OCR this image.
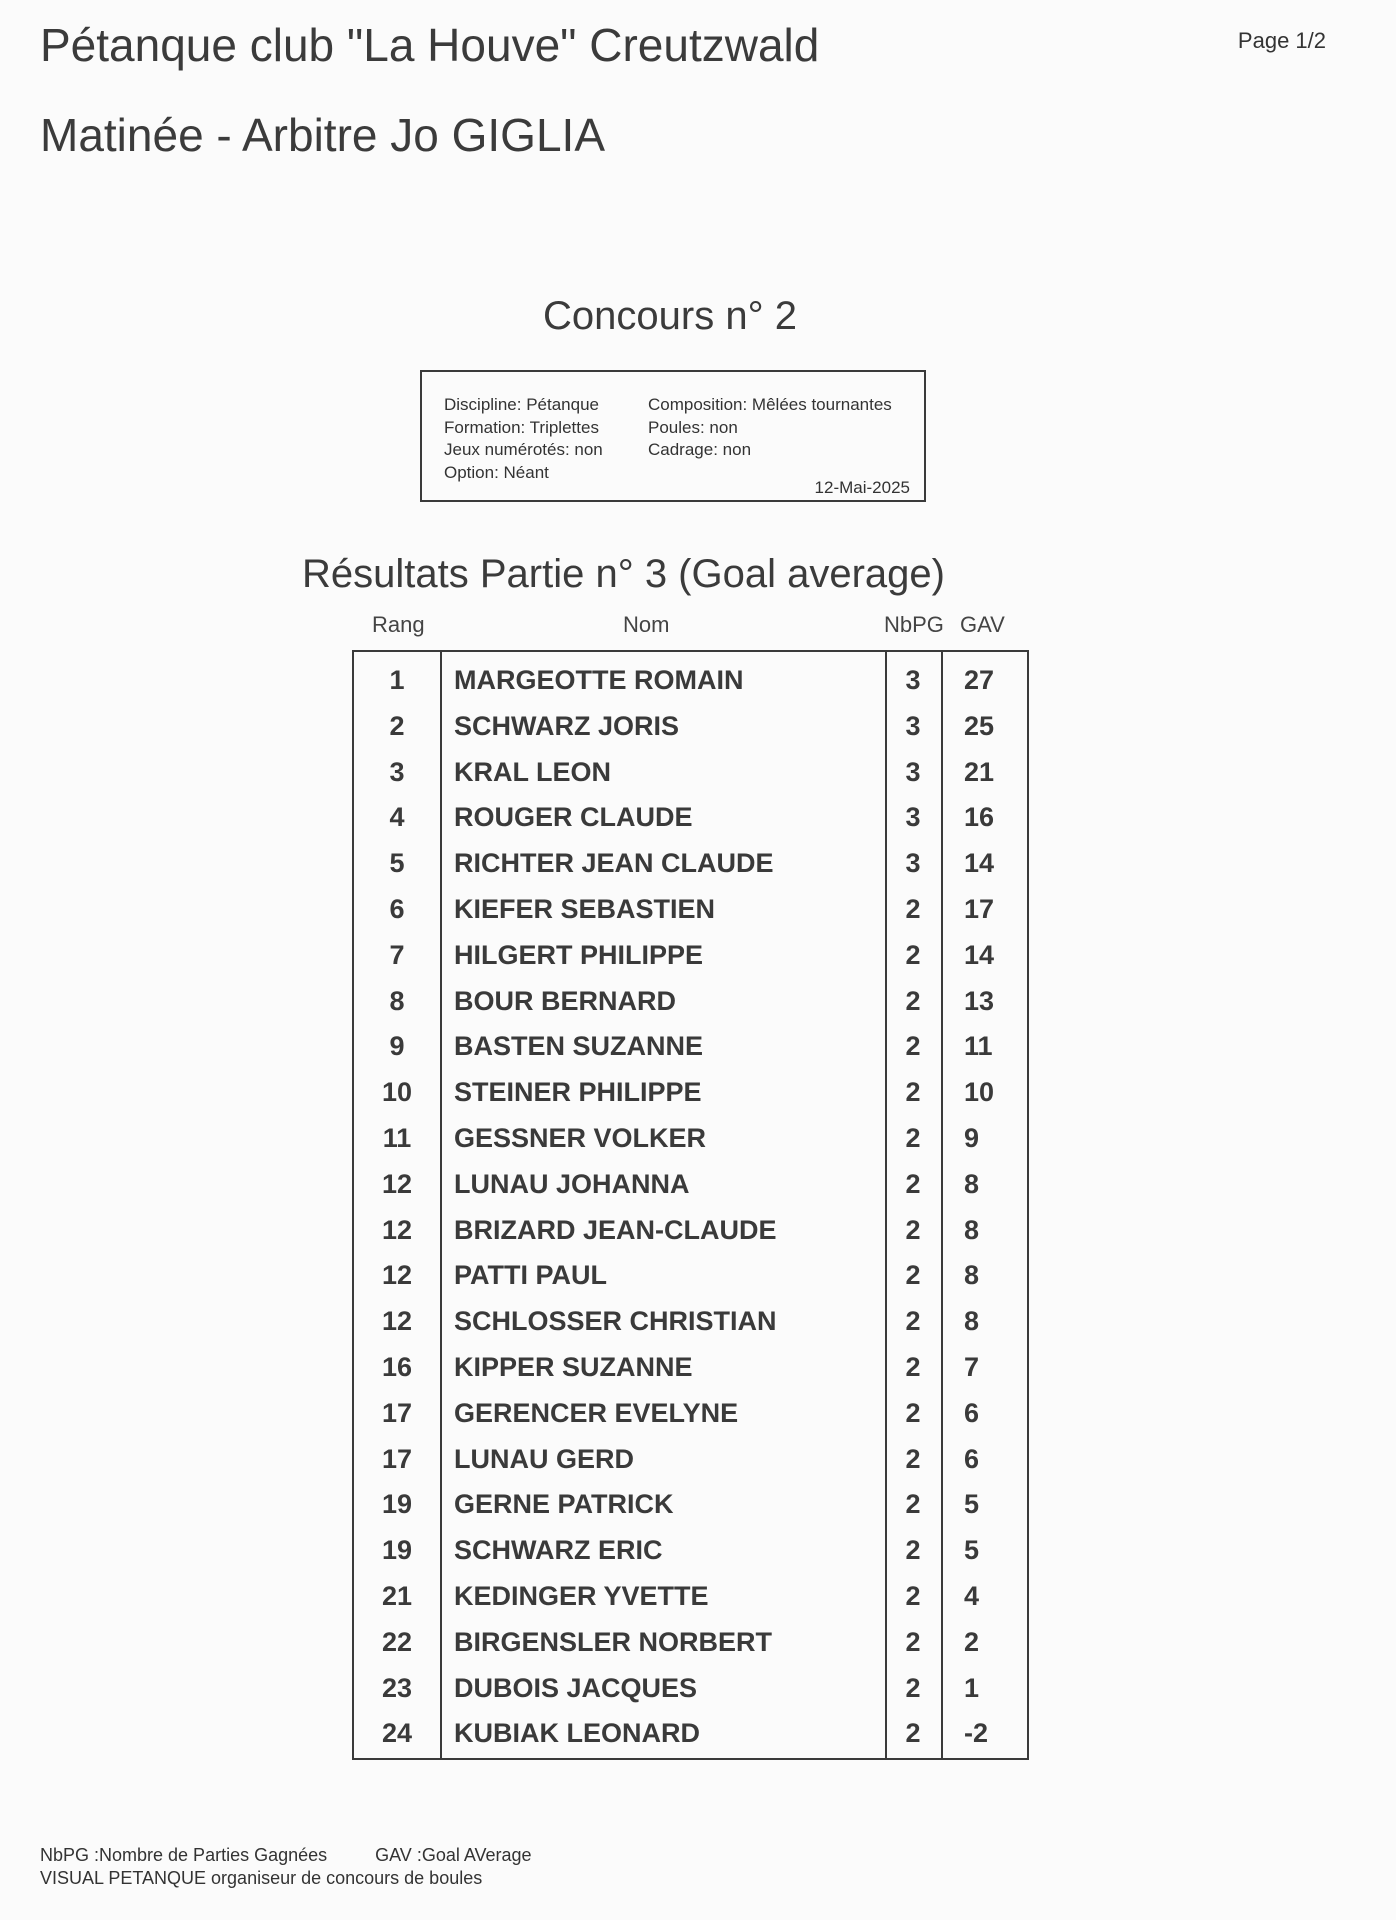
Pétanque club "La Houve" Creutzwald
Matinée - Arbitre Jo GIGLIA
Page 1/2
Concours n° 2
Discipline: Pétanque
Formation: Triplettes
Jeux numérotés: non
Option: Néant
Composition: Mêlées tournantes
Poules: non
Cadrage: non
12-Mai-2025
Résultats Partie n° 3 (Goal average)
Rang	Nom	NbPG GAV
1	MARGEOTTE ROMAIN	3	27
2	SCHWARZ JORIS	3	25
3	KRAL LEON	3	21
4	ROUGER CLAUDE	3	16
5	RICHTER JEAN CLAUDE	3	14
6	KIEFER SEBASTIEN	2	17
7	HILGERT PHILIPPE	2	14
8	BOUR BERNARD	2	13
9	BASTEN SUZANNE	2	11
10	STEINER PHILIPPE	2	10
11	GESSNER VOLKER	2	9
12	LUNAU JOHANNA	2	8
12	BRIZARD JEAN-CLAUDE	2	8
12	PATTI PAUL	2	8
12	SCHLOSSER CHRISTIAN	2	8
16	KIPPER SUZANNE	2	7
17	GERENCER EVELYNE	2	6
17	LUNAU GERD	2	6
19	GERNE PATRICK	2	5
19	SCHWARZ ERIC	2	5
21	KEDINGER YVETTE	2	4
22	BIRGENSLER NORBERT	2	2
23	DUBOIS JACQUES	2	1
24	KUBIAK LEONARD	2	-2
NbPG :Nombre de Parties Gagnées	GAV :Goal AVerage
VISUAL PETANQUE organiseur de concours de boules
